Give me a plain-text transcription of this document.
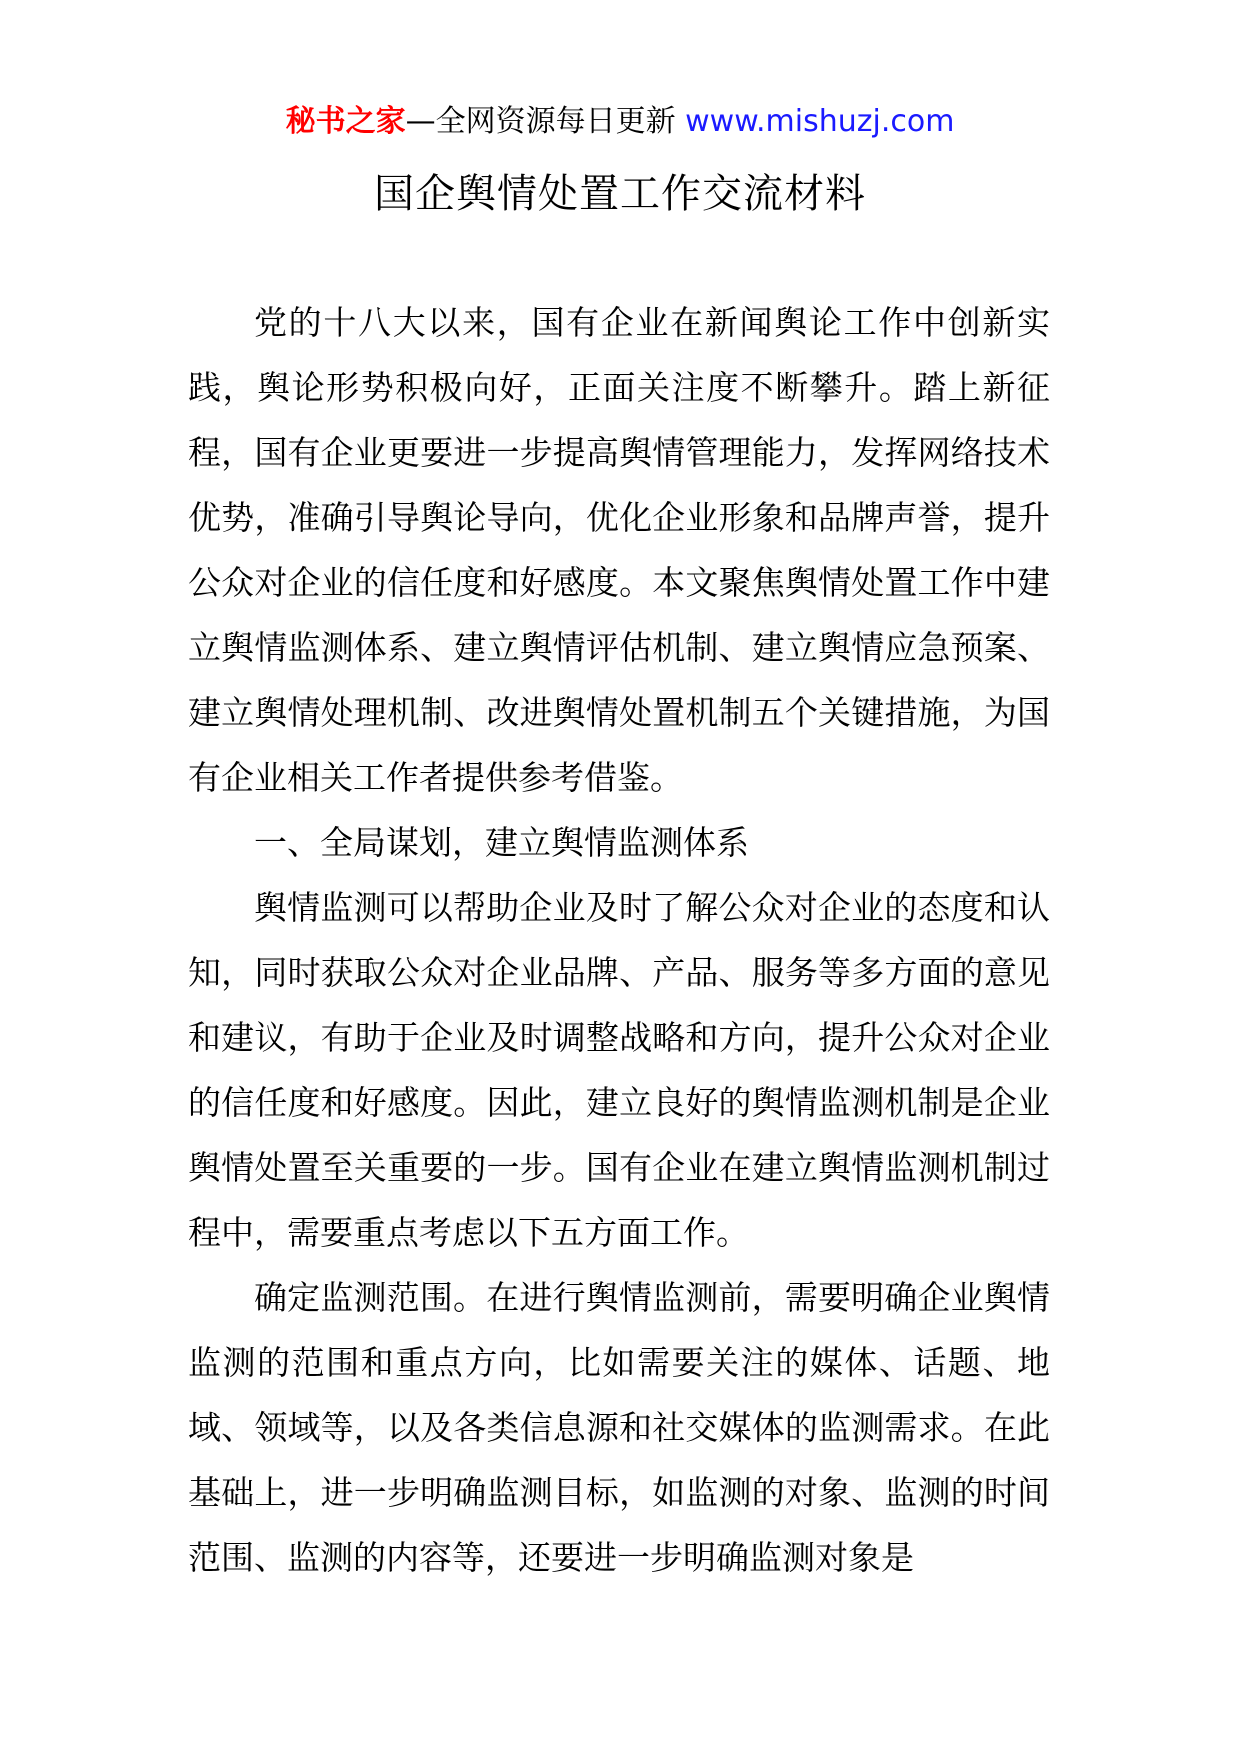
秘书之家—全网资源每日更新 www.mishuzj.com
国企舆情处置工作交流材料

党的十八大以来，国有企业在新闻舆论工作中创新实践，舆论形势积极向好，正面关注度不断攀升。踏上新征程，国有企业更要进一步提高舆情管理能力，发挥网络技术优势，准确引导舆论导向，优化企业形象和品牌声誉，提升公众对企业的信任度和好感度。本文聚焦舆情处置工作中建立舆情监测体系、建立舆情评估机制、建立舆情应急预案、建立舆情处理机制、改进舆情处置机制五个关键措施，为国有企业相关工作者提供参考借鉴。

一、全局谋划，建立舆情监测体系

舆情监测可以帮助企业及时了解公众对企业的态度和认知，同时获取公众对企业品牌、产品、服务等多方面的意见和建议，有助于企业及时调整战略和方向，提升公众对企业的信任度和好感度。因此，建立良好的舆情监测机制是企业舆情处置至关重要的一步。国有企业在建立舆情监测机制过程中，需要重点考虑以下五方面工作。

确定监测范围。在进行舆情监测前，需要明确企业舆情监测的范围和重点方向，比如需要关注的媒体、话题、地域、领域等，以及各类信息源和社交媒体的监测需求。在此基础上，进一步明确监测目标，如监测的对象、监测的时间范围、监测的内容等，还要进一步明确监测对象是
